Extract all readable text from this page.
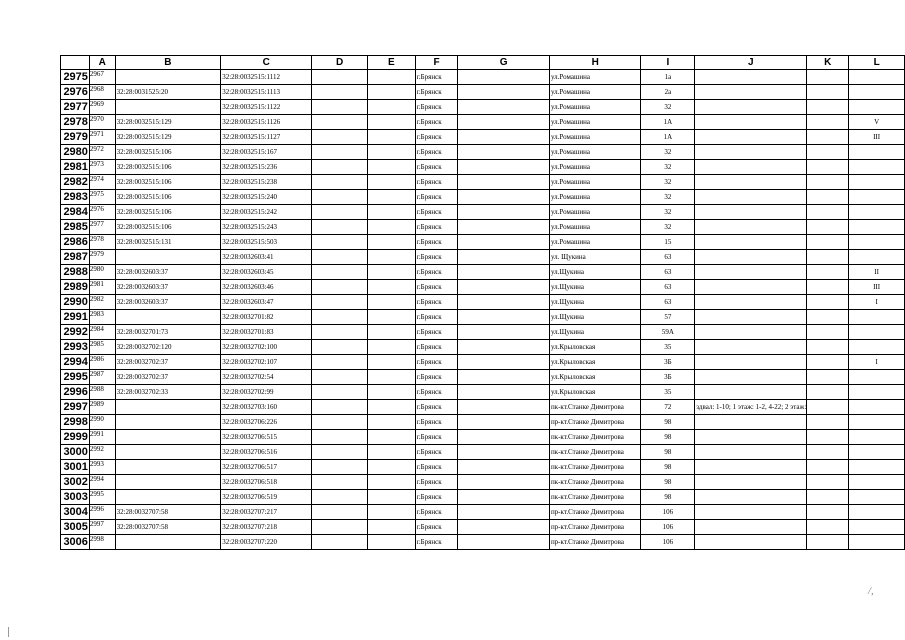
	A	B	C	D	E	F	G	H	I	J	K	L
2975	2967		32:28:0032515:1112			г.Брянск		ул.Ромашина	1а			
2976	2968	32:28:0031525:20	32:28:0032515:1113			г.Брянск		ул.Ромашина	2а			
2977	2969		32:28:0032515:1122			г.Брянск		ул.Ромашина	32			
2978	2970	32:28:0032515:129	32:28:0032515:1126			г.Брянск		ул.Ромашина	1А			V
2979	2971	32:28:0032515:129	32:28:0032515:1127			г.Брянск		ул.Ромашина	1А			III
2980	2972	32:28:0032515:106	32:28:0032515:167			г.Брянск		ул.Ромашина	32			
2981	2973	32:28:0032515:106	32:28:0032515:236			г.Брянск		ул.Ромашина	32			
2982	2974	32:28:0032515:106	32:28:0032515:238			г.Брянск		ул.Ромашина	32			
2983	2975	32:28:0032515:106	32:28:0032515:240			г.Брянск		ул.Ромашина	32			
2984	2976	32:28:0032515:106	32:28:0032515:242			г.Брянск		ул.Ромашина	32			
2985	2977	32:28:0032515:106	32:28:0032515:243			г.Брянск		ул.Ромашина	32			
2986	2978	32:28:0032515:131	32:28:0032515:503			г.Брянск		ул.Ромашина	15			
2987	2979		32:28:0032603:41			г.Брянск		ул. Щукина	63			
2988	2980	32:28:0032603:37	32:28:0032603:45			г.Брянск		ул.Щукина	63			II
2989	2981	32:28:0032603:37	32:28:0032603:46			г.Брянск		ул.Щукина	63			III
2990	2982	32:28:0032603:37	32:28:0032603:47			г.Брянск		ул.Щукина	63			I
2991	2983		32:28:0032701:82			г.Брянск		ул.Щукина	57			
2992	2984	32:28:0032701:73	32:28:0032701:83			г.Брянск		ул.Щукина	59А			
2993	2985	32:28:0032702:120	32:28:0032702:100			г.Брянск		ул.Крыловская	35			
2994	2986	32:28:0032702:37	32:28:0032702:107			г.Брянск		ул.Крыловская	3Б			I
2995	2987	32:28:0032702:37	32:28:0032702:54			г.Брянск		ул.Крыловская	3Б			
2996	2988	32:28:0032702:33	32:28:0032702:99			г.Брянск		ул.Крыловская	35			
2997	2989		32:28:0032703:160			г.Брянск		пк-кт.Станке Димитрова	72	здвал: 1-10; 1 этаж: 1-2, 4-22; 2 этаж:		
2998	2990		32:28:0032706:226			г.Брянск		пр-кт.Станке Димитрова	98			
2999	2991		32:28:0032706:515			г.Брянск		пк-кт.Станке Димитрова	98			
3000	2992		32:28:0032706:516			г.Брянск		пк-кт.Станке Димитрова	98			
3001	2993		32:28:0032706:517			г.Брянск		пк-кт.Станке Димитрова	98			
3002	2994		32:28:0032706:518			г.Брянск		пк-кт.Станке Димитрова	98			
3003	2995		32:28:0032706:519			г.Брянск		пк-кт.Станке Димитрова	98			
3004	2996	32:28:0032707:58	32:28:0032707:217			г.Брянск		пр-кт.Станке Димитрова	106			
3005	2997	32:28:0032707:58	32:28:0032707:218			г.Брянск		пр-кт.Станке Димитрова	106			
3006	2998		32:28:0032707:220			г.Брянск		пр-кт.Станке Димитрова	106			
/,
